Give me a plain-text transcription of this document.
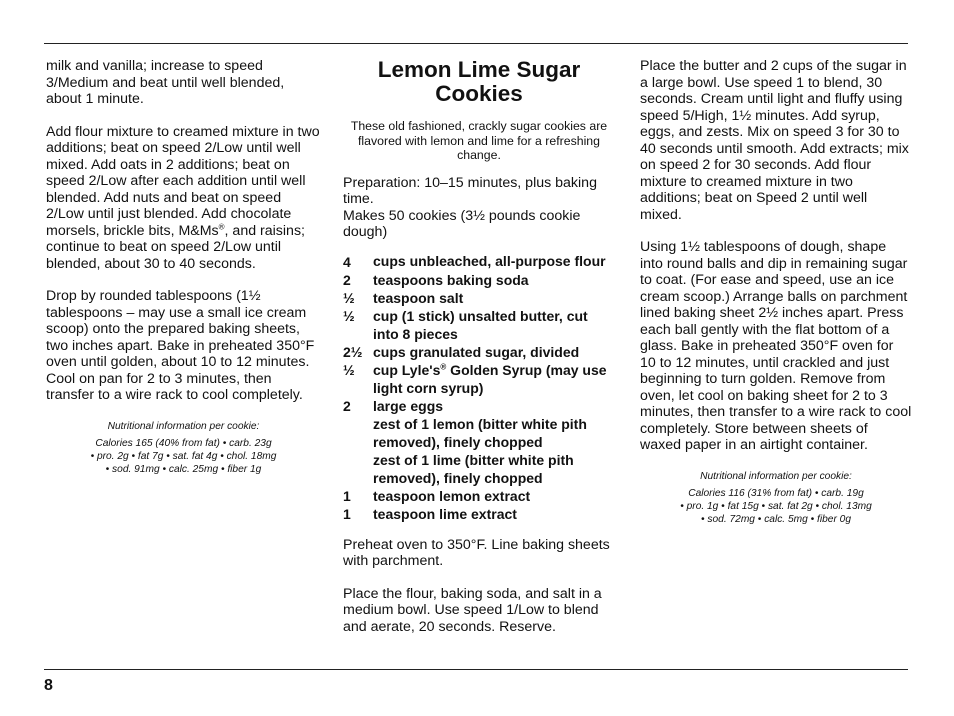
milk and vanilla; increase to speed 3/Medium and beat until well blended, about 1 minute.

Add flour mixture to creamed mixture in two additions; beat on speed 2/Low until well mixed. Add oats in 2 additions; beat on speed 2/Low after each addition until well blended. Add nuts and beat on speed 2/Low until just blended. Add chocolate morsels, brickle bits, M&Ms®, and raisins; continue to beat on speed 2/Low until blended, about 30 to 40 seconds.

Drop by rounded tablespoons (1½ tablespoons – may use a small ice cream scoop) onto the prepared baking sheets, two inches apart. Bake in preheated 350°F oven until golden, about 10 to 12 minutes. Cool on pan for 2 to 3 minutes, then transfer to a wire rack to cool completely.

Nutritional information per cookie:
Calories 165 (40% from fat) • carb. 23g
• pro. 2g • fat 7g • sat. fat 4g • chol. 18mg
• sod. 91mg • calc. 25mg • fiber 1g
Lemon Lime Sugar
Cookies
These old fashioned, crackly sugar cookies are flavored with lemon and lime for a refreshing change.
Preparation: 10–15 minutes, plus baking time.
Makes 50 cookies (3½ pounds cookie dough)
4	cups unbleached, all-purpose flour
2	teaspoons baking soda
½	teaspoon salt
½	cup (1 stick) unsalted butter, cut into 8 pieces
2½ cups granulated sugar, divided
½	cup Lyle's® Golden Syrup (may use light corn syrup)
2	large eggs
zest of 1 lemon (bitter white pith removed), finely chopped
zest of 1 lime (bitter white pith removed), finely chopped
1	teaspoon lemon extract
1	teaspoon lime extract

Preheat oven to 350°F. Line baking sheets with parchment.

Place the flour, baking soda, and salt in a medium bowl. Use speed 1/Low to blend and aerate, 20 seconds. Reserve.

Place the butter and 2 cups of the sugar in a large bowl. Use speed 1 to blend, 30 seconds. Cream until light and fluffy using speed 5/High, 1½ minutes. Add syrup, eggs, and zests. Mix on speed 3 for 30 to 40 seconds until smooth. Add extracts; mix on speed 2 for 30 seconds. Add flour mixture to creamed mixture in two additions; beat on Speed 2 until well mixed.

Using 1½ tablespoons of dough, shape into round balls and dip in remaining sugar to coat. (For ease and speed, use an ice cream scoop.) Arrange balls on parchment lined baking sheet 2½ inches apart. Press each ball gently with the flat bottom of a glass. Bake in preheated 350°F oven for 10 to 12 minutes, until crackled and just beginning to turn golden. Remove from oven, let cool on baking sheet for 2 to 3 minutes, then transfer to a wire rack to cool completely. Store between sheets of waxed paper in an airtight container.

Nutritional information per cookie:
Calories 116 (31% from fat) • carb. 19g
• pro. 1g • fat 15g • sat. fat 2g • chol. 13mg
• sod. 72mg • calc. 5mg • fiber 0g
8
